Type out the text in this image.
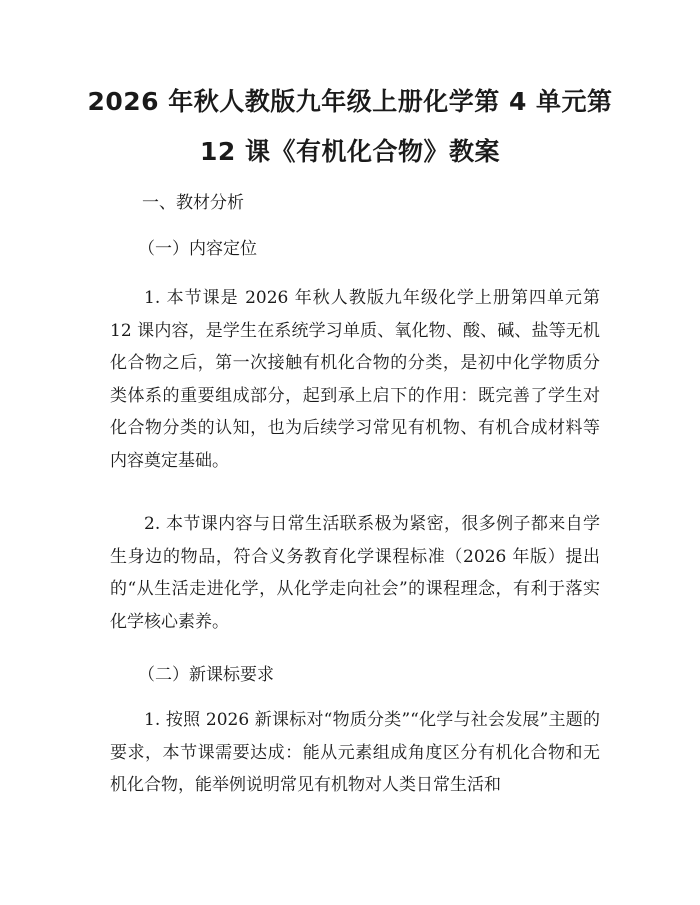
2026 年秋人教版九年级上册化学第 4 单元第
12 课《有机化合物》教案
一、教材分析
（一）内容定位

1. 本节课是 2026 年秋人教版九年级化学上册第四单元第 12 课内容，是学生在系统学习单质、氧化物、酸、碱、盐等无机化合物之后，第一次接触有机化合物的分类，是初中化学物质分类体系的重要组成部分，起到承上启下的作用：既完善了学生对化合物分类的认知，也为后续学习常见有机物、有机合成材料等内容奠定基础。

2. 本节课内容与日常生活联系极为紧密，很多例子都来自学生身边的物品，符合义务教育化学课程标准（2026 年版）提出的“从生活走进化学，从化学走向社会”的课程理念，有利于落实化学核心素养。

（二）新课标要求

1. 按照 2026 新课标对“物质分类”“化学与社会发展”主题的要求，本节课需要达成：能从元素组成角度区分有机化合物和无机化合物，能举例说明常见有机物对人类日常生活和
